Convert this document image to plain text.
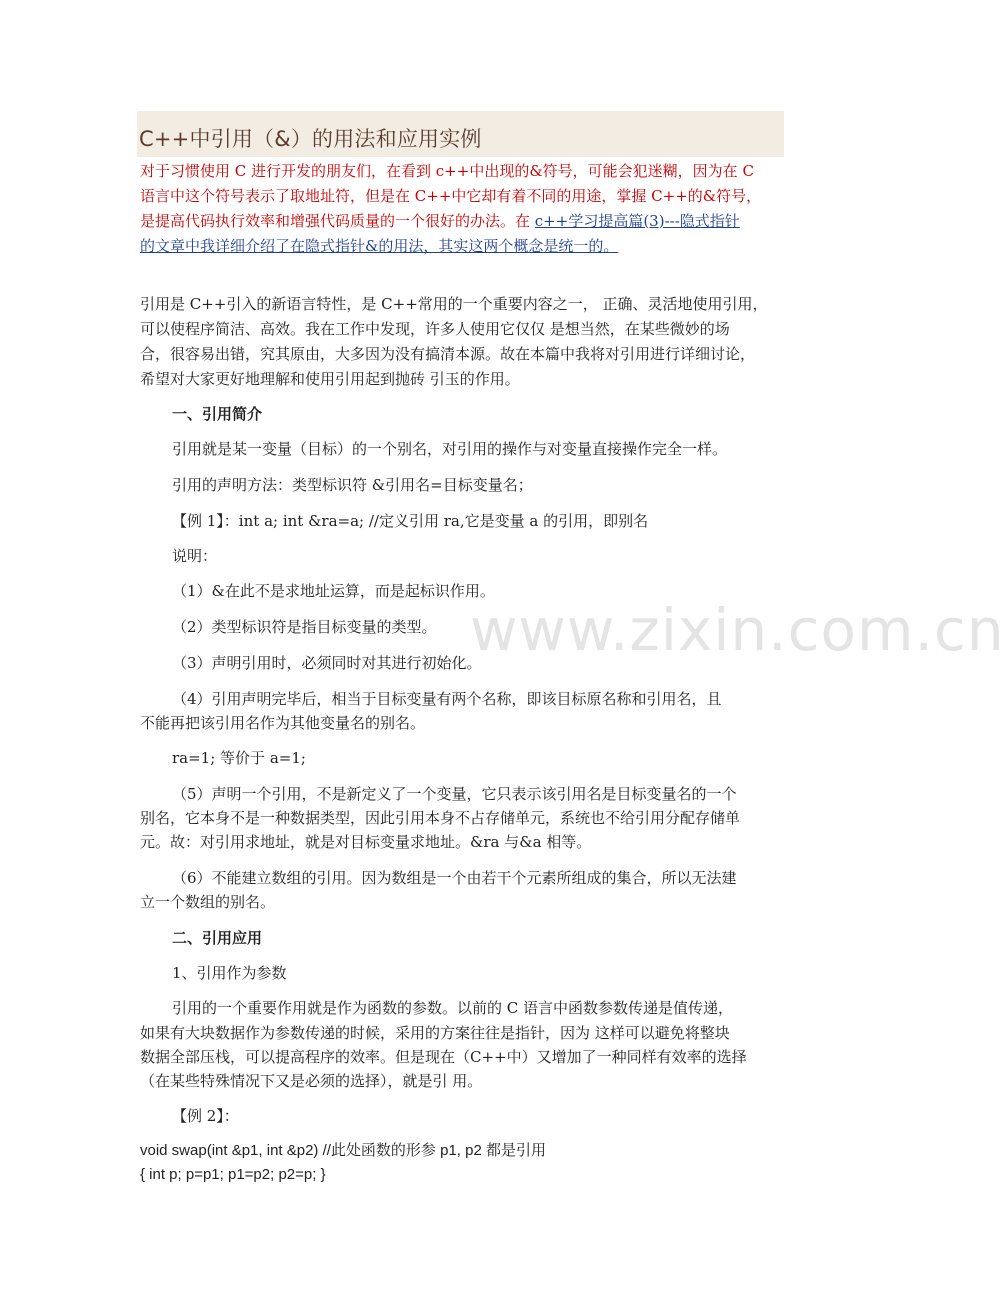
C++中引用（&）的用法和应用实例
对于习惯使用 C 进行开发的朋友们，在看到 c++中出现的&符号，可能会犯迷糊，因为在 C
语言中这个符号表示了取地址符，但是在 C++中它却有着不同的用途，掌握 C++的&符号，
是提高代码执行效率和增强代码质量的一个很好的办法。在 c++学习提高篇(3)---隐式指针
的文章中我详细介绍了在隐式指针&的用法，其实这两个概念是统一的。
引用是 C++引入的新语言特性，是 C++常用的一个重要内容之一， 正确、灵活地使用引用，
可以使程序简洁、高效。我在工作中发现，许多人使用它仅仅 是想当然，在某些微妙的场
合，很容易出错，究其原由，大多因为没有搞清本源。故在本篇中我将对引用进行详细讨论，
希望对大家更好地理解和使用引用起到抛砖 引玉的作用。
一、引用简介
引用就是某一变量（目标）的一个别名，对引用的操作与对变量直接操作完全一样。
引用的声明方法：类型标识符 &引用名=目标变量名；
【例 1】：int a; int &ra=a; //定义引用 ra,它是变量 a 的引用，即别名
说明：
（1）&在此不是求地址运算，而是起标识作用。
（2）类型标识符是指目标变量的类型。
（3）声明引用时，必须同时对其进行初始化。
（4）引用声明完毕后，相当于目标变量有两个名称，即该目标原名称和引用名，且
不能再把该引用名作为其他变量名的别名。
ra=1; 等价于 a=1;
（5）声明一个引用，不是新定义了一个变量，它只表示该引用名是目标变量名的一个
别名，它本身不是一种数据类型，因此引用本身不占存储单元，系统也不给引用分配存储单
元。故：对引用求地址，就是对目标变量求地址。&ra 与&a 相等。
（6）不能建立数组的引用。因为数组是一个由若干个元素所组成的集合，所以无法建
立一个数组的别名。
二、引用应用
1、引用作为参数
引用的一个重要作用就是作为函数的参数。以前的 C 语言中函数参数传递是值传递，
如果有大块数据作为参数传递的时候，采用的方案往往是指针，因为 这样可以避免将整块
数据全部压栈，可以提高程序的效率。但是现在（C++中）又增加了一种同样有效率的选择
（在某些特殊情况下又是必须的选择），就是引 用。
【例 2】：
void swap(int &p1, int &p2) //此处函数的形参 p1, p2 都是引用
{ int p; p=p1; p1=p2; p2=p; }
www.zixin.com.cn
